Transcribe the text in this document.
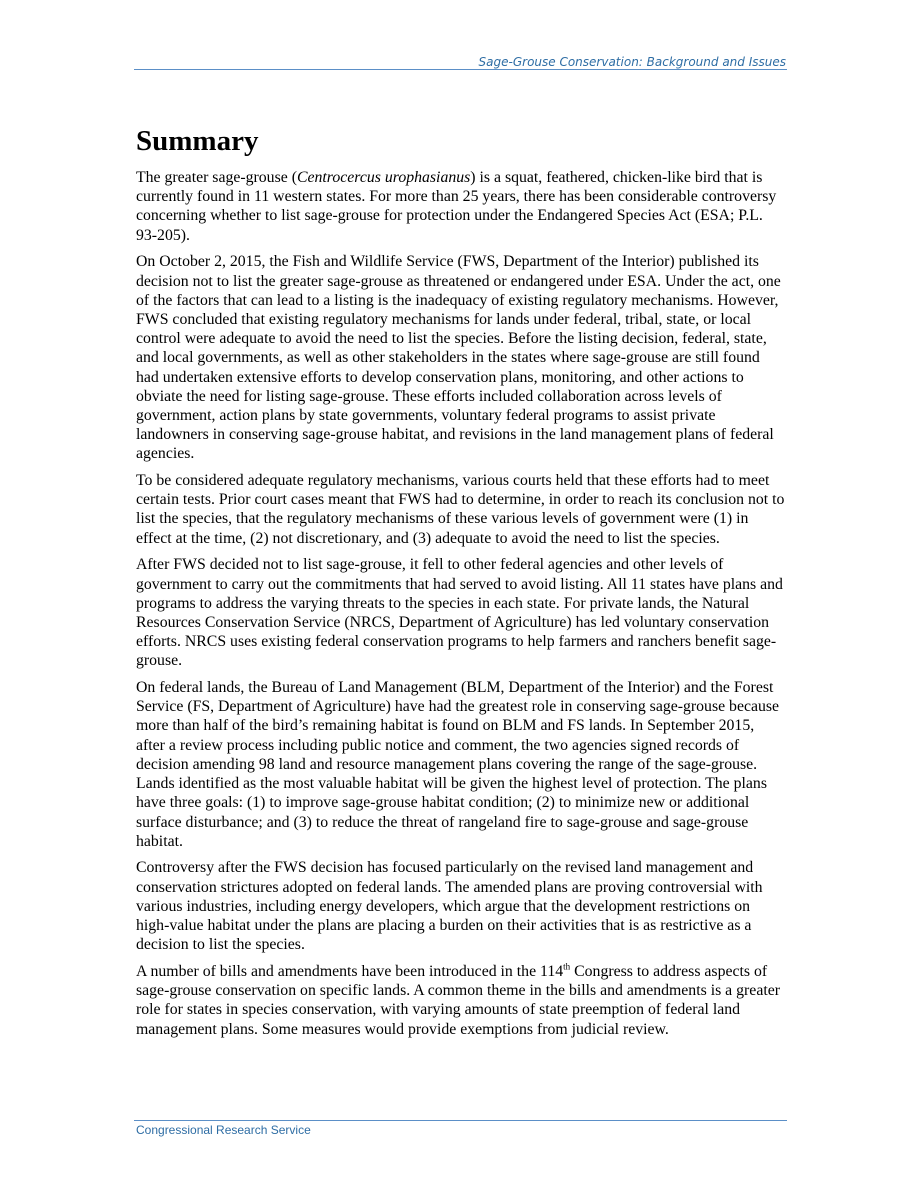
Sage-Grouse Conservation: Background and Issues
Summary

The greater sage-grouse (Centrocercus urophasianus) is a squat, feathered, chicken-like bird that is currently found in 11 western states. For more than 25 years, there has been considerable controversy concerning whether to list sage-grouse for protection under the Endangered Species Act (ESA; P.L. 93-205).

On October 2, 2015, the Fish and Wildlife Service (FWS, Department of the Interior) published its decision not to list the greater sage-grouse as threatened or endangered under ESA. Under the act, one of the factors that can lead to a listing is the inadequacy of existing regulatory mechanisms. However, FWS concluded that existing regulatory mechanisms for lands under federal, tribal, state, or local control were adequate to avoid the need to list the species. Before the listing decision, federal, state, and local governments, as well as other stakeholders in the states where sage-grouse are still found had undertaken extensive efforts to develop conservation plans, monitoring, and other actions to obviate the need for listing sage-grouse. These efforts included collaboration across levels of government, action plans by state governments, voluntary federal programs to assist private landowners in conserving sage-grouse habitat, and revisions in the land management plans of federal agencies.

To be considered adequate regulatory mechanisms, various courts held that these efforts had to meet certain tests. Prior court cases meant that FWS had to determine, in order to reach its conclusion not to list the species, that the regulatory mechanisms of these various levels of government were (1) in effect at the time, (2) not discretionary, and (3) adequate to avoid the need to list the species.

After FWS decided not to list sage-grouse, it fell to other federal agencies and other levels of government to carry out the commitments that had served to avoid listing. All 11 states have plans and programs to address the varying threats to the species in each state. For private lands, the Natural Resources Conservation Service (NRCS, Department of Agriculture) has led voluntary conservation efforts. NRCS uses existing federal conservation programs to help farmers and ranchers benefit sage-grouse.

On federal lands, the Bureau of Land Management (BLM, Department of the Interior) and the Forest Service (FS, Department of Agriculture) have had the greatest role in conserving sage-grouse because more than half of the bird’s remaining habitat is found on BLM and FS lands. In September 2015, after a review process including public notice and comment, the two agencies signed records of decision amending 98 land and resource management plans covering the range of the sage-grouse. Lands identified as the most valuable habitat will be given the highest level of protection. The plans have three goals: (1) to improve sage-grouse habitat condition; (2) to minimize new or additional surface disturbance; and (3) to reduce the threat of rangeland fire to sage-grouse and sage-grouse habitat.

Controversy after the FWS decision has focused particularly on the revised land management and conservation strictures adopted on federal lands. The amended plans are proving controversial with various industries, including energy developers, which argue that the development restrictions on high-value habitat under the plans are placing a burden on their activities that is as restrictive as a decision to list the species.

A number of bills and amendments have been introduced in the 114th Congress to address aspects of sage-grouse conservation on specific lands. A common theme in the bills and amendments is a greater role for states in species conservation, with varying amounts of state preemption of federal land management plans. Some measures would provide exemptions from judicial review.

Congressional Research Service
